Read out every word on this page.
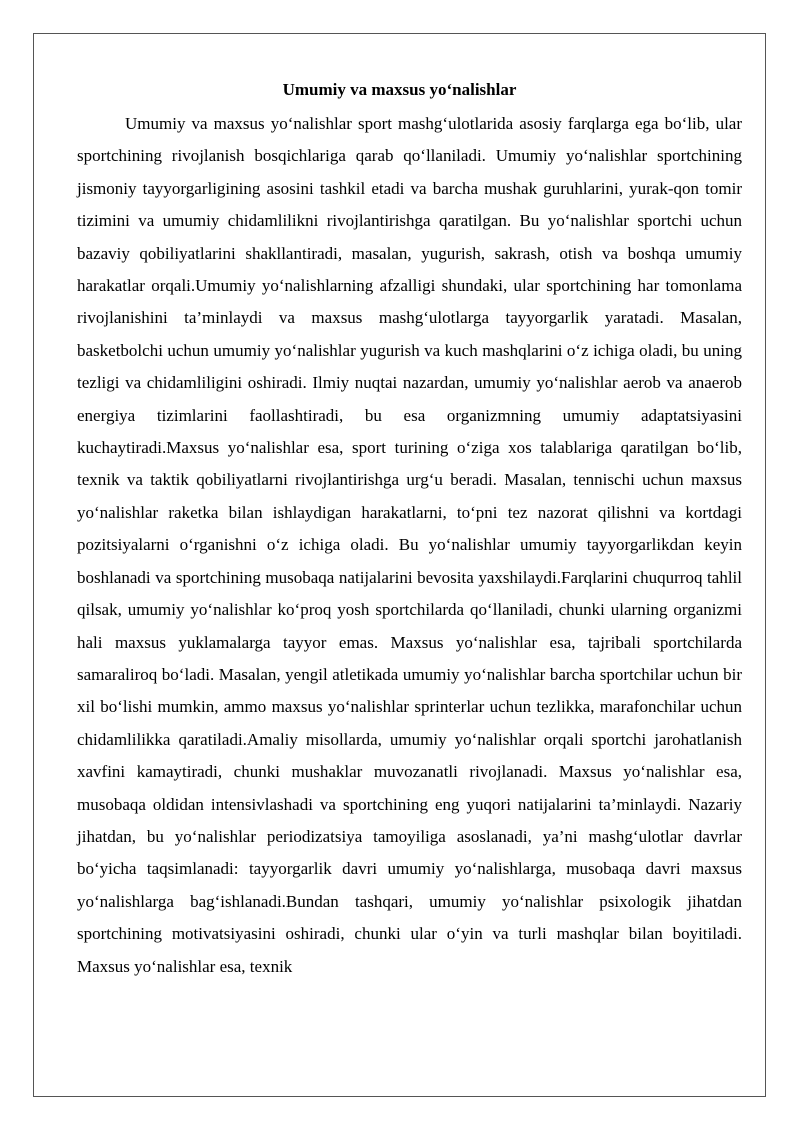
Umumiy va maxsus yo‘nalishlar

Umumiy va maxsus yo‘nalishlar sport mashg‘ulotlarida asosiy farqlarga ega bo‘lib, ular sportchining rivojlanish bosqichlariga qarab qo‘llaniladi. Umumiy yo‘nalishlar sportchining jismoniy tayyorgarligining asosini tashkil etadi va barcha mushak guruhlarini, yurak-qon tomir tizimini va umumiy chidamlilikni rivojlantirishga qaratilgan. Bu yo‘nalishlar sportchi uchun bazaviy qobiliyatlarini shakllantiradi, masalan, yugurish, sakrash, otish va boshqa umumiy harakatlar orqali.Umumiy yo‘nalishlarning afzalligi shundaki, ular sportchining har tomonlama rivojlanishini ta’minlaydi va maxsus mashg‘ulotlarga tayyorgarlik yaratadi. Masalan, basketbolchi uchun umumiy yo‘nalishlar yugurish va kuch mashqlarini o‘z ichiga oladi, bu uning tezligi va chidamliligini oshiradi. Ilmiy nuqtai nazardan, umumiy yo‘nalishlar aerob va anaerob energiya tizimlarini faollashtiradi, bu esa organizmning umumiy adaptatsiyasini kuchaytiradi.Maxsus yo‘nalishlar esa, sport turining o‘ziga xos talablariga qaratilgan bo‘lib, texnik va taktik qobiliyatlarni rivojlantirishga urg‘u beradi. Masalan, tennischi uchun maxsus yo‘nalishlar raketka bilan ishlaydigan harakatlarni, to‘pni tez nazorat qilishni va kortdagi pozitsiyalarni o‘rganishni o‘z ichiga oladi. Bu yo‘nalishlar umumiy tayyorgarlikdan keyin boshlanadi va sportchining musobaqa natijalarini bevosita yaxshilaydi.Farqlarini chuqurroq tahlil qilsak, umumiy yo‘nalishlar ko‘proq yosh sportchilarda qo‘llaniladi, chunki ularning organizmi hali maxsus yuklamalarga tayyor emas. Maxsus yo‘nalishlar esa, tajribali sportchilarda samaraliroq bo‘ladi. Masalan, yengil atletikada umumiy yo‘nalishlar barcha sportchilar uchun bir xil bo‘lishi mumkin, ammo maxsus yo‘nalishlar sprinterlar uchun tezlikka, marafonchilar uchun chidamlilikka qaratiladi.Amaliy misollarda, umumiy yo‘nalishlar orqali sportchi jarohatlanish xavfini kamaytiradi, chunki mushaklar muvozanatli rivojlanadi. Maxsus yo‘nalishlar esa, musobaqa oldidan intensivlashadi va sportchining eng yuqori natijalarini ta’minlaydi. Nazariy jihatdan, bu yo‘nalishlar periodizatsiya tamoyiliga asoslanadi, ya’ni mashg‘ulotlar davrlar bo‘yicha taqsimlanadi: tayyorgarlik davri umumiy yo‘nalishlarga, musobaqa davri maxsus yo‘nalishlarga bag‘ishlanadi.Bundan tashqari, umumiy yo‘nalishlar psixologik jihatdan sportchining motivatsiyasini oshiradi, chunki ular o‘yin va turli mashqlar bilan boyitiladi. Maxsus yo‘nalishlar esa, texnik
